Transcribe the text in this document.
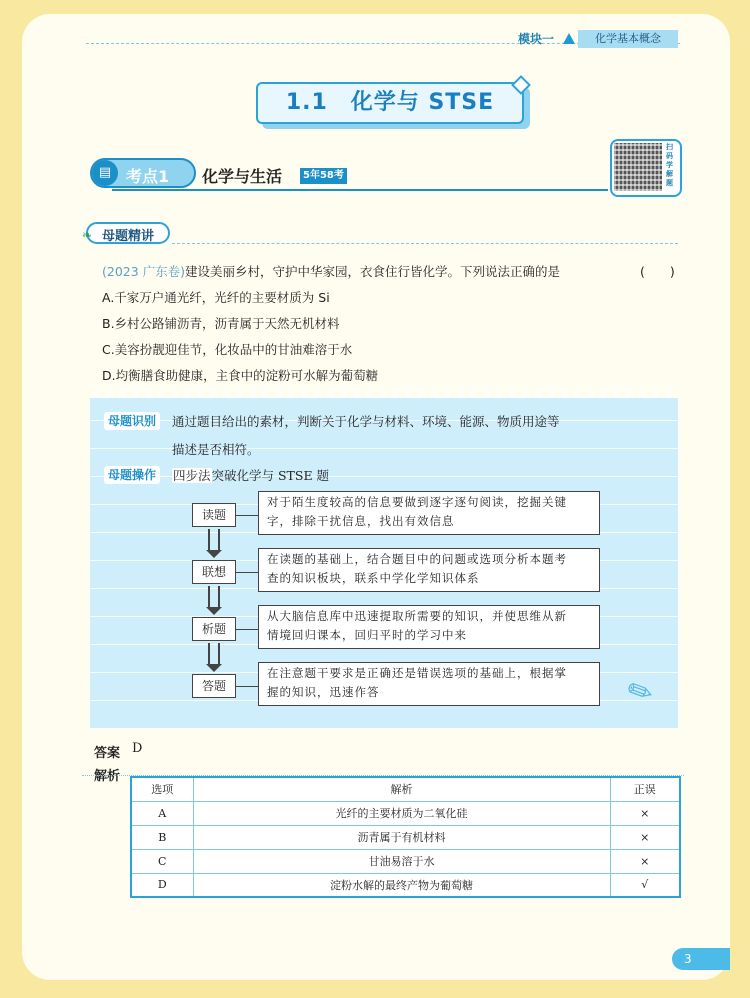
模块一	化学基本概念
1.1　化学与 STSE
▤ 考点1 化学与生活	5年58考
扫码学解题
❧ 母题精讲
(2023 广东卷)建设美丽乡村，守护中华家园，衣食住行皆化学。下列说法正确的是	(　　)
A.千家万户通光纤，光纤的主要材质为 Si
B.乡村公路铺沥青，沥青属于天然无机材料
C.美容扮靓迎佳节，化妆品中的甘油难溶于水
D.均衡膳食助健康，主食中的淀粉可水解为葡萄糖
母题识别	通过题目给出的素材，判断关于化学与材料、环境、能源、物质用途等
描述是否相符。
母题操作	四步法突破化学与 STSE 题
读题
对于陌生度较高的信息要做到逐字逐句阅读，挖掘关键
字，排除干扰信息，找出有效信息
联想
在读题的基础上，结合题目中的问题或选项分析本题考
查的知识板块，联系中学化学知识体系
析题
从大脑信息库中迅速提取所需要的知识，并使思维从新
情境回归课本，回归平时的学习中来
答题
在注意题干要求是正确还是错误选项的基础上，根据掌
握的知识，迅速作答	✎
答案 D
解析
选项	解析	正误
A	光纤的主要材质为二氧化硅	×
B	沥青属于有机材料	×
C	甘油易溶于水	×
D	淀粉水解的最终产物为葡萄糖	√
3
